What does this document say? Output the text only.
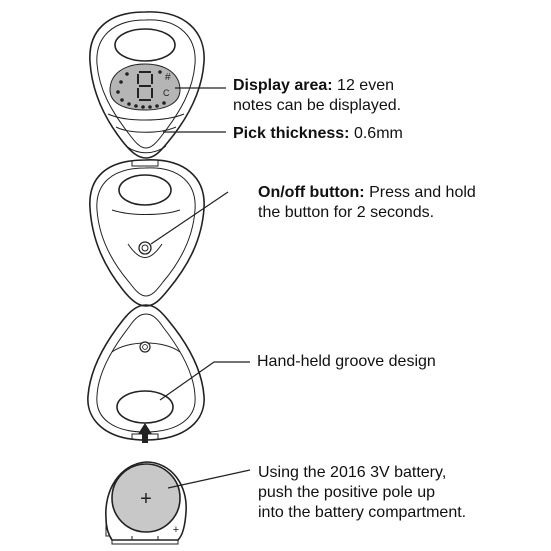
#
C
+
+
Display area: 12 even
notes can be displayed.
Pick thickness: 0.6mm
On/off button: Press and hold
the button for 2 seconds.
Hand-held groove design
Using the 2016 3V battery,
push the positive pole up
into the battery compartment.
